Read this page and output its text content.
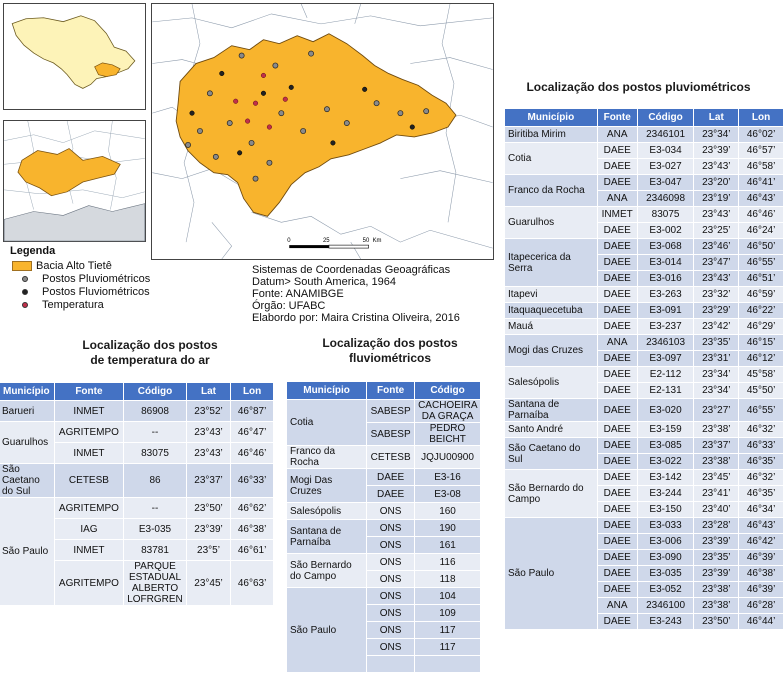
0	25	50 Km
Legenda
Bacia Alto Tietê
Postos Pluviométricos
Postos Fluviométricos
Temperatura
Sistemas de Coordenadas Geoagráficas
Datum> South America, 1964
Fonte: ANAMIBGE
Órgão: UFABC
Elabordo por: Maira Cristina Oliveira, 2016
Localização dos postos pluviométricos
Localização dos postos
de temperatura do ar
Localização dos postos
fluviométricos
Município	Fonte	Código	Lat	Lon
Barueri	INMET	86908	23°52’	46°87’
Guarulhos	AGRITEMPO	--	23°43’	46°47’
	INMET	83075	23°43’	46°46’
São Caetano do Sul	CETESB	86	23°37’	46°33’
São Paulo	AGRITEMPO	--	23°50’	46°62’
	IAG	E3-035	23°39’	46°38’
	INMET	83781	23°5’	46°61’
	AGRITEMPO	PARQUE ESTADUAL ALBERTO LOFRGREN	23°45’	46°63’
Município	Fonte	Código
Cotia	SABESP	CACHOEIRA DA GRAÇA
	SABESP	PEDRO BEICHT
Franco da Rocha	CETESB	JQJU00900
Mogi Das Cruzes	DAEE	E3-16
	DAEE	E3-08
Salesópolis	ONS	160
Santana de Parnaíba	ONS	190
	ONS	161
São Bernardo do Campo	ONS	116
	ONS	118
São Paulo	ONS	104
	ONS	109
	ONS	117
	ONS	117

Município	Fonte	Código	Lat	Lon
Biritiba Mirim	ANA	2346101	23°34’	46°02’
Cotia	DAEE	E3-034	23°39’	46°57’
	DAEE	E3-027	23°43’	46°58’
Franco da Rocha	DAEE	E3-047	23°20’	46°41’
	ANA	2346098	23°19’	46°43’
Guarulhos	INMET	83075	23°43’	46°46’
	DAEE	E3-002	23°25’	46°24’
Itapecerica da Serra	DAEE	E3-068	23°46’	46°50’
	DAEE	E3-014	23°47’	46°55’
	DAEE	E3-016	23°43’	46°51’
Itapevi	DAEE	E3-263	23°32’	46°59’
Itaquaquecetuba	DAEE	E3-091	23°29’	46°22’
Mauá	DAEE	E3-237	23°42’	46°29’
Mogi das Cruzes	ANA	2346103	23°35’	46°15’
	DAEE	E3-097	23°31’	46°12’
Salesópolis	DAEE	E2-112	23°34’	45°58’
	DAEE	E2-131	23°34’	45°50’
Santana de Parnaíba	DAEE	E3-020	23°27’	46°55’
Santo André	DAEE	E3-159	23°38’	46°32’
São Caetano do Sul	DAEE	E3-085	23°37’	46°33’
	DAEE	E3-022	23°38’	46°35’
São Bernardo do Campo	DAEE	E3-142	23°45’	46°32’
	DAEE	E3-244	23°41’	46°35’
	DAEE	E3-150	23°40’	46°34’
São Paulo	DAEE	E3-033	23°28’	46°43’
	DAEE	E3-006	23°39’	46°42’
	DAEE	E3-090	23°35’	46°39’
	DAEE	E3-035	23°39’	46°38’
	DAEE	E3-052	23°38’	46°39’
	ANA	2346100	23°38’	46°28’
	DAEE	E3-243	23°50’	46°44’
